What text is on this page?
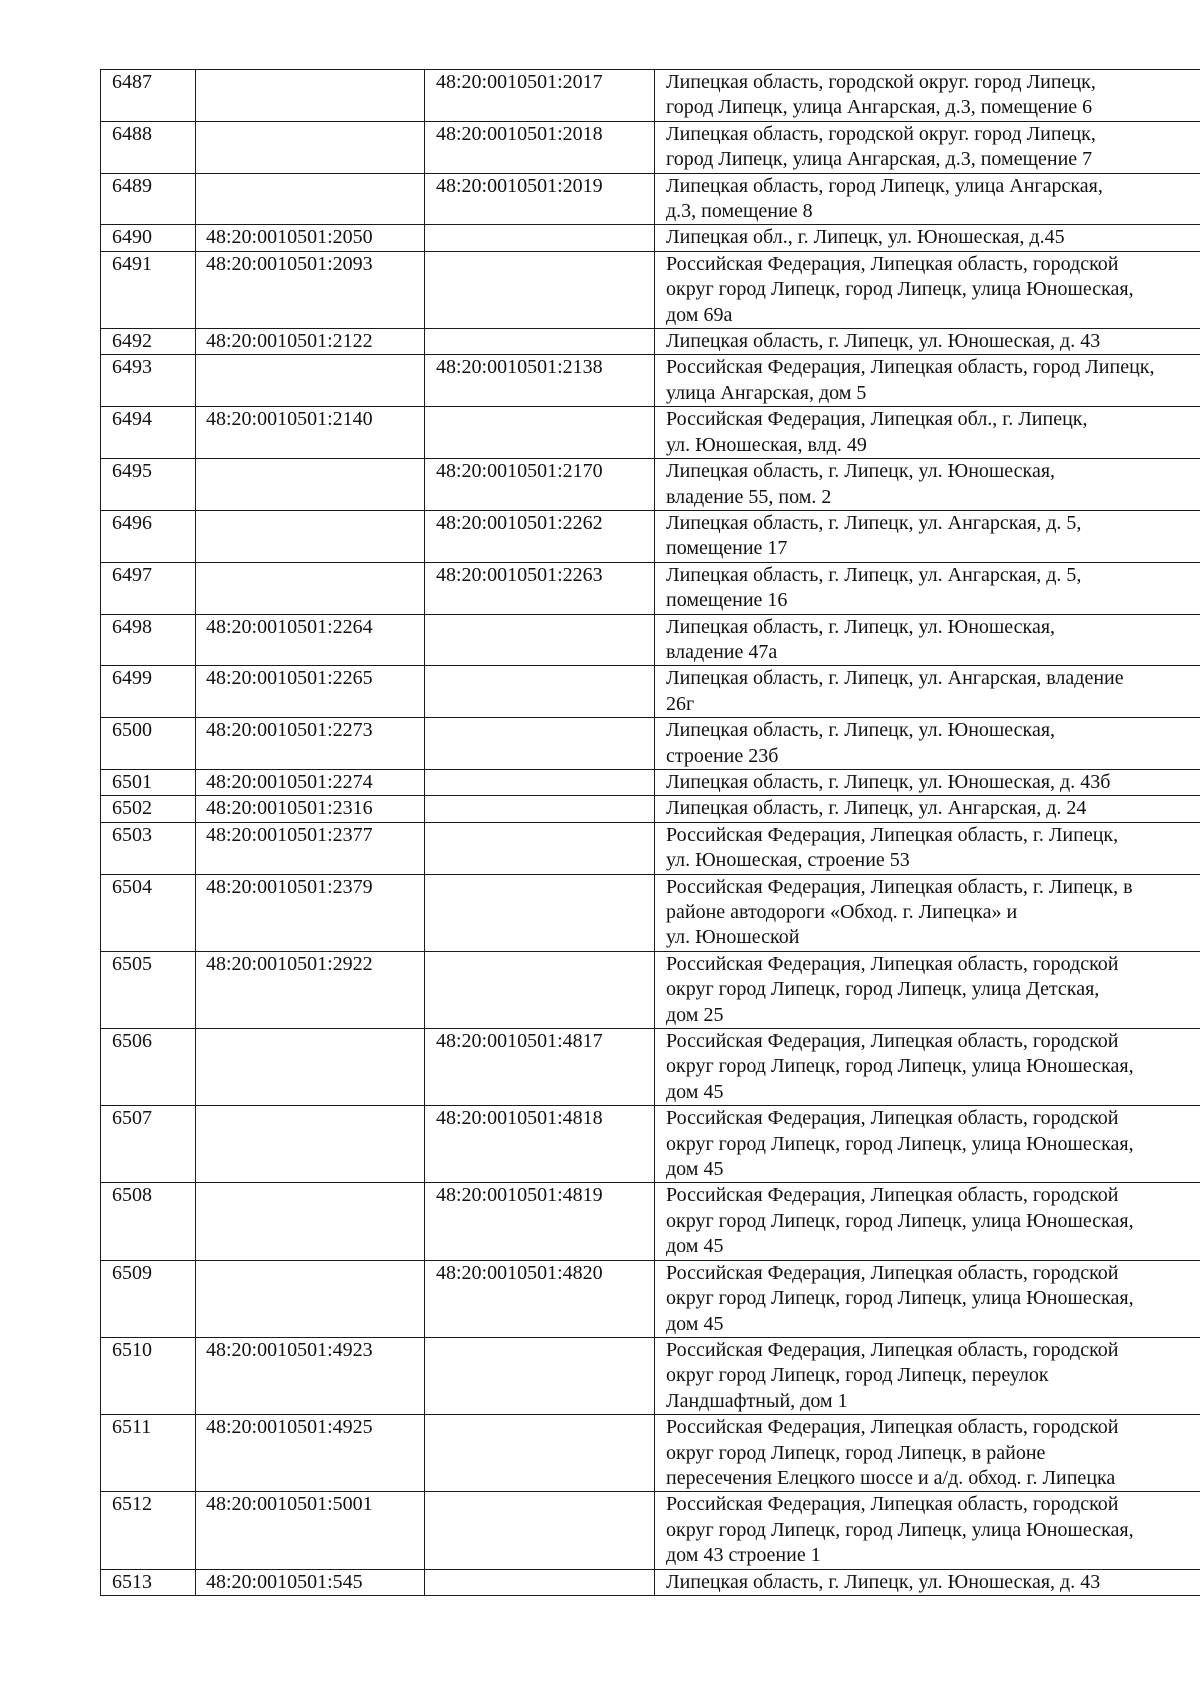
6487		48:20:0010501:2017	Липецкая область, городской округ. город Липецк,
город Липецк, улица Ангарская, д.3, помещение 6

6488		48:20:0010501:2018	Липецкая область, городской округ. город Липецк,
город Липецк, улица Ангарская, д.3, помещение 7

6489		48:20:0010501:2019	Липецкая область, город Липецк, улица Ангарская,
д.3, помещение 8

6490	48:20:0010501:2050		Липецкая обл., г. Липецк, ул. Юношеская, д.45

6491	48:20:0010501:2093		Российская Федерация, Липецкая область, городской
округ город Липецк, город Липецк, улица Юношеская,
дом 69а

6492	48:20:0010501:2122		Липецкая область, г. Липецк, ул. Юношеская, д. 43

6493		48:20:0010501:2138	Российская Федерация, Липецкая область, город Липецк,
улица Ангарская, дом 5

6494	48:20:0010501:2140		Российская Федерация, Липецкая обл., г. Липецк,
ул. Юношеская, влд. 49

6495		48:20:0010501:2170	Липецкая область, г. Липецк, ул. Юношеская,
владение 55, пом. 2

6496		48:20:0010501:2262	Липецкая область, г. Липецк, ул. Ангарская, д. 5,
помещение 17

6497		48:20:0010501:2263	Липецкая область, г. Липецк, ул. Ангарская, д. 5,
помещение 16

6498	48:20:0010501:2264		Липецкая область, г. Липецк, ул. Юношеская,
владение 47а

6499	48:20:0010501:2265		Липецкая область, г. Липецк, ул. Ангарская, владение
26г

6500	48:20:0010501:2273		Липецкая область, г. Липецк, ул. Юношеская,
строение 23б

6501	48:20:0010501:2274		Липецкая область, г. Липецк, ул. Юношеская, д. 43б

6502	48:20:0010501:2316		Липецкая область, г. Липецк, ул. Ангарская, д. 24

6503	48:20:0010501:2377		Российская Федерация, Липецкая область, г. Липецк,
ул. Юношеская, строение 53

6504	48:20:0010501:2379		Российская Федерация, Липецкая область, г. Липецк, в
районе автодороги «Обход. г. Липецка» и
ул. Юношеской

6505	48:20:0010501:2922		Российская Федерация, Липецкая область, городской
округ город Липецк, город Липецк, улица Детская,
дом 25

6506		48:20:0010501:4817	Российская Федерация, Липецкая область, городской
округ город Липецк, город Липецк, улица Юношеская,
дом 45

6507		48:20:0010501:4818	Российская Федерация, Липецкая область, городской
округ город Липецк, город Липецк, улица Юношеская,
дом 45

6508		48:20:0010501:4819	Российская Федерация, Липецкая область, городской
округ город Липецк, город Липецк, улица Юношеская,
дом 45

6509		48:20:0010501:4820	Российская Федерация, Липецкая область, городской
округ город Липецк, город Липецк, улица Юношеская,
дом 45

6510	48:20:0010501:4923		Российская Федерация, Липецкая область, городской
округ город Липецк, город Липецк, переулок
Ландшафтный, дом 1

6511	48:20:0010501:4925		Российская Федерация, Липецкая область, городской
округ город Липецк, город Липецк, в районе
пересечения Елецкого шоссе и а/д. обход. г. Липецка

6512	48:20:0010501:5001		Российская Федерация, Липецкая область, городской
округ город Липецк, город Липецк, улица Юношеская,
дом 43 строение 1

6513	48:20:0010501:545		Липецкая область, г. Липецк, ул. Юношеская, д. 43
